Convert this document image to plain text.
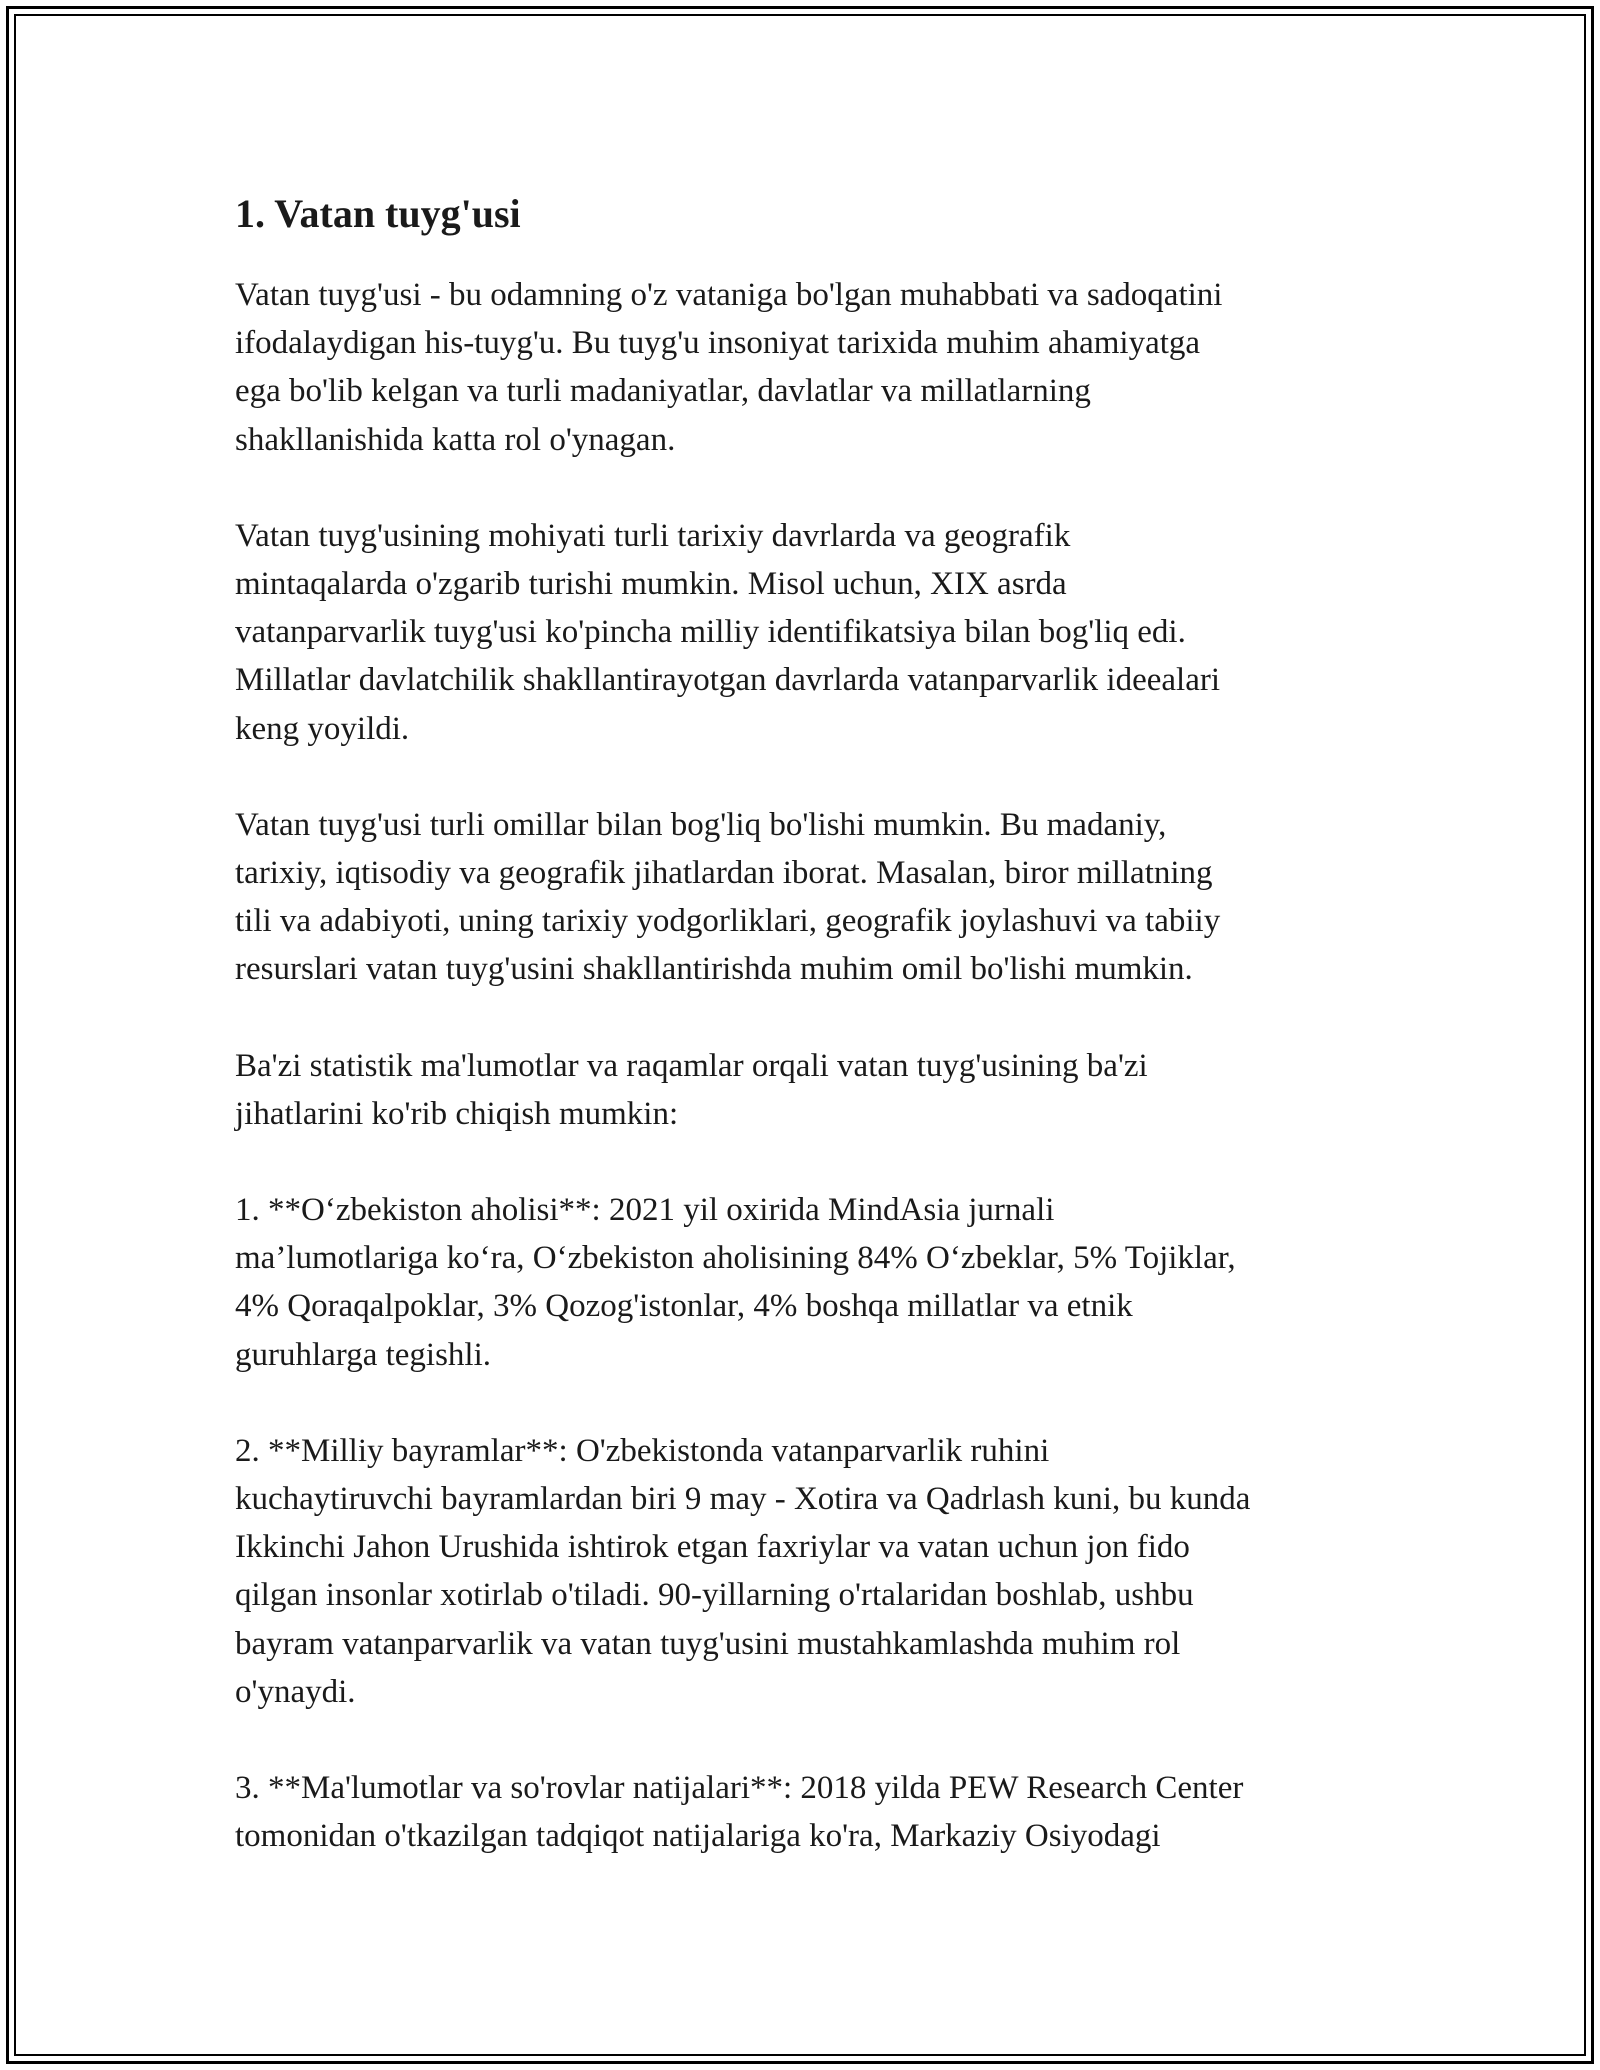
1. Vatan tuyg'usi

Vatan tuyg'usi - bu odamning o'z vataniga bo'lgan muhabbati va sadoqatini
ifodalaydigan his-tuyg'u. Bu tuyg'u insoniyat tarixida muhim ahamiyatga
ega bo'lib kelgan va turli madaniyatlar, davlatlar va millatlarning
shakllanishida katta rol o'ynagan.

Vatan tuyg'usining mohiyati turli tarixiy davrlarda va geografik
mintaqalarda o'zgarib turishi mumkin. Misol uchun, XIX asrda
vatanparvarlik tuyg'usi ko'pincha milliy identifikatsiya bilan bog'liq edi.
Millatlar davlatchilik shakllantirayotgan davrlarda vatanparvarlik ideealari
keng yoyildi.

Vatan tuyg'usi turli omillar bilan bog'liq bo'lishi mumkin. Bu madaniy,
tarixiy, iqtisodiy va geografik jihatlardan iborat. Masalan, biror millatning
tili va adabiyoti, uning tarixiy yodgorliklari, geografik joylashuvi va tabiiy
resurslari vatan tuyg'usini shakllantirishda muhim omil bo'lishi mumkin.

Ba'zi statistik ma'lumotlar va raqamlar orqali vatan tuyg'usining ba'zi
jihatlarini ko'rib chiqish mumkin:

1. **O‘zbekiston aholisi**: 2021 yil oxirida MindAsia jurnali
ma’lumotlariga ko‘ra, O‘zbekiston aholisining 84% O‘zbeklar, 5% Tojiklar,
4% Qoraqalpoklar, 3% Qozog'istonlar, 4% boshqa millatlar va etnik
guruhlarga tegishli.

2. **Milliy bayramlar**: O'zbekistonda vatanparvarlik ruhini
kuchaytiruvchi bayramlardan biri 9 may - Xotira va Qadrlash kuni, bu kunda
Ikkinchi Jahon Urushida ishtirok etgan faxriylar va vatan uchun jon fido
qilgan insonlar xotirlab o'tiladi. 90-yillarning o'rtalaridan boshlab, ushbu
bayram vatanparvarlik va vatan tuyg'usini mustahkamlashda muhim rol
o'ynaydi.

3. **Ma'lumotlar va so'rovlar natijalari**: 2018 yilda PEW Research Center
tomonidan o'tkazilgan tadqiqot natijalariga ko'ra, Markaziy Osiyodagi
